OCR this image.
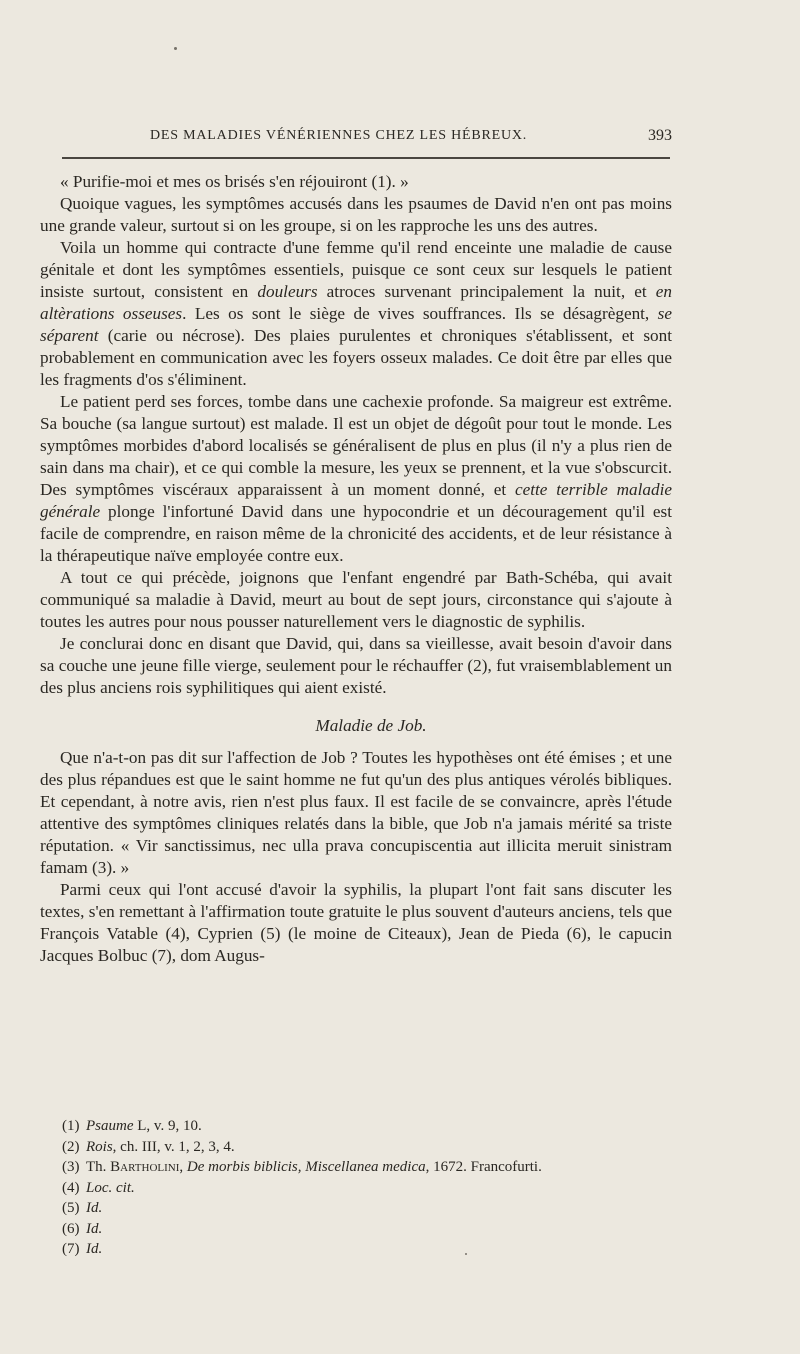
DES MALADIES VÉNÉRIENNES CHEZ LES HÉBREUX.	393

« Purifie-moi et mes os brisés s'en réjouiront (1). »

Quoique vagues, les symptômes accusés dans les psaumes de David n'en ont pas moins une grande valeur, surtout si on les groupe, si on les rapproche les uns des autres.

Voila un homme qui contracte d'une femme qu'il rend enceinte une maladie de cause génitale et dont les symptômes essentiels, puisque ce sont ceux sur lesquels le patient insiste surtout, consistent en douleurs atroces survenant principalement la nuit, et en altèrations osseuses. Les os sont le siège de vives souffrances. Ils se désagrègent, se séparent (carie ou nécrose). Des plaies purulentes et chroniques s'établissent, et sont probablement en communication avec les foyers osseux malades. Ce doit être par elles que les fragments d'os s'éliminent.

Le patient perd ses forces, tombe dans une cachexie profonde. Sa maigreur est extrême. Sa bouche (sa langue surtout) est malade. Il est un objet de dégoût pour tout le monde. Les symptômes morbides d'abord localisés se généralisent de plus en plus (il n'y a plus rien de sain dans ma chair), et ce qui comble la mesure, les yeux se prennent, et la vue s'obscurcit. Des symptômes viscéraux apparaissent à un moment donné, et cette terrible maladie générale plonge l'infortuné David dans une hypocondrie et un découragement qu'il est facile de comprendre, en raison même de la chronicité des accidents, et de leur résistance à la thérapeutique naïve employée contre eux.

A tout ce qui précède, joignons que l'enfant engendré par Bath-Schéba, qui avait communiqué sa maladie à David, meurt au bout de sept jours, circonstance qui s'ajoute à toutes les autres pour nous pousser naturellement vers le diagnostic de syphilis.

Je conclurai donc en disant que David, qui, dans sa vieillesse, avait besoin d'avoir dans sa couche une jeune fille vierge, seulement pour le réchauffer (2), fut vraisemblablement un des plus anciens rois syphilitiques qui aient existé.

Maladie de Job.

Que n'a-t-on pas dit sur l'affection de Job ? Toutes les hypothèses ont été émises ; et une des plus répandues est que le saint homme ne fut qu'un des plus antiques vérolés bibliques. Et cependant, à notre avis, rien n'est plus faux. Il est facile de se convaincre, après l'étude attentive des symptômes cliniques relatés dans la bible, que Job n'a jamais mérité sa triste réputation. « Vir sanctissimus, nec ulla prava concupiscentia aut illicita meruit sinistram famam (3). »

Parmi ceux qui l'ont accusé d'avoir la syphilis, la plupart l'ont fait sans discuter les textes, s'en remettant à l'affirmation toute gratuite le plus souvent d'auteurs anciens, tels que François Vatable (4), Cyprien (5) (le moine de Citeaux), Jean de Pieda (6), le capucin Jacques Bolbuc (7), dom Augus-

(1) Psaume L, v. 9, 10.
(2) Rois, ch. III, v. 1, 2, 3, 4.
(3) Th. Bartholini, De morbis biblicis, Miscellanea medica, 1672. Francofurti.
(4) Loc. cit.
(5) Id.
(6) Id.
(7) Id.
